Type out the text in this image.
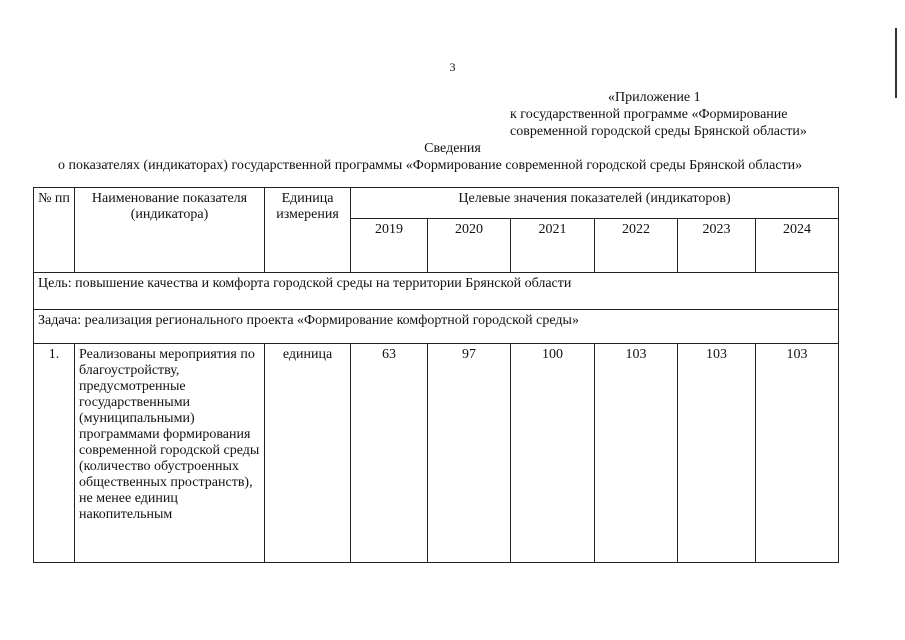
3
«Приложение 1
к государственной программе «Формирование
современной городской среды Брянской области»
Сведения
о показателях (индикаторах) государственной программы «Формирование современной городской среды Брянской области»
№ пп	Наименование показателя (индикатора)	Единица измерения	Целевые значения показателей (индикаторов)					
			2019	2020	2021	2022	2023	2024
Цель: повышение качества и комфорта городской среды на территории Брянской области								
Задача: реализация регионального проекта «Формирование комфортной городской среды»								
1.	Реализованы мероприятия по благоустройству, предусмотренные государственными (муниципальными) программами формирования современной городской среды (количество обустроенных общественных пространств), не менее единиц накопительным	единица	63	97	100	103	103	103
